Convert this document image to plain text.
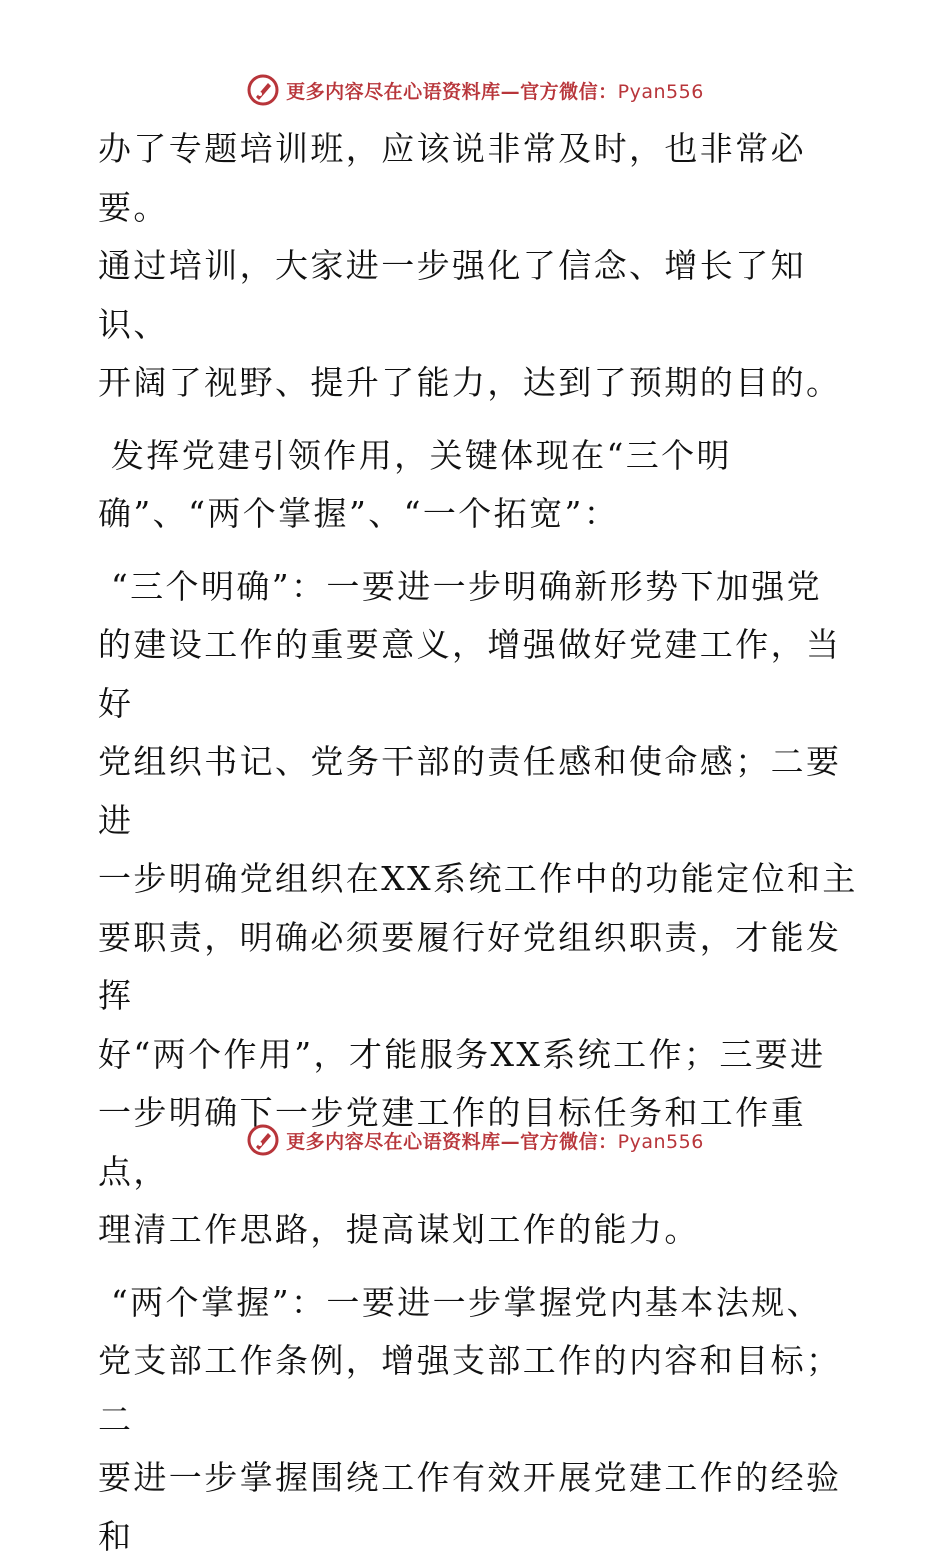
更多内容尽在心语资料库—官方微信：Pyan556

办了专题培训班，应该说非常及时，也非常必要。
通过培训，大家进一步强化了信念、增长了知识、
开阔了视野、提升了能力，达到了预期的目的。

发挥党建引领作用，关键体现在“三个明
确”、“两个掌握”、“一个拓宽”：

“三个明确”：一要进一步明确新形势下加强党
的建设工作的重要意义，增强做好党建工作，当好
党组织书记、党务干部的责任感和使命感；二要进
一步明确党组织在XX系统工作中的功能定位和主
要职责，明确必须要履行好党组织职责，才能发挥
好“两个作用”，才能服务XX系统工作；三要进
一步明确下一步党建工作的目标任务和工作重点，
理清工作思路，提高谋划工作的能力。

“两个掌握”：一要进一步掌握党内基本法规、
党支部工作条例，增强支部工作的内容和目标；二
要进一步掌握围绕工作有效开展党建工作的经验和

更多内容尽在心语资料库—官方微信：Pyan556
